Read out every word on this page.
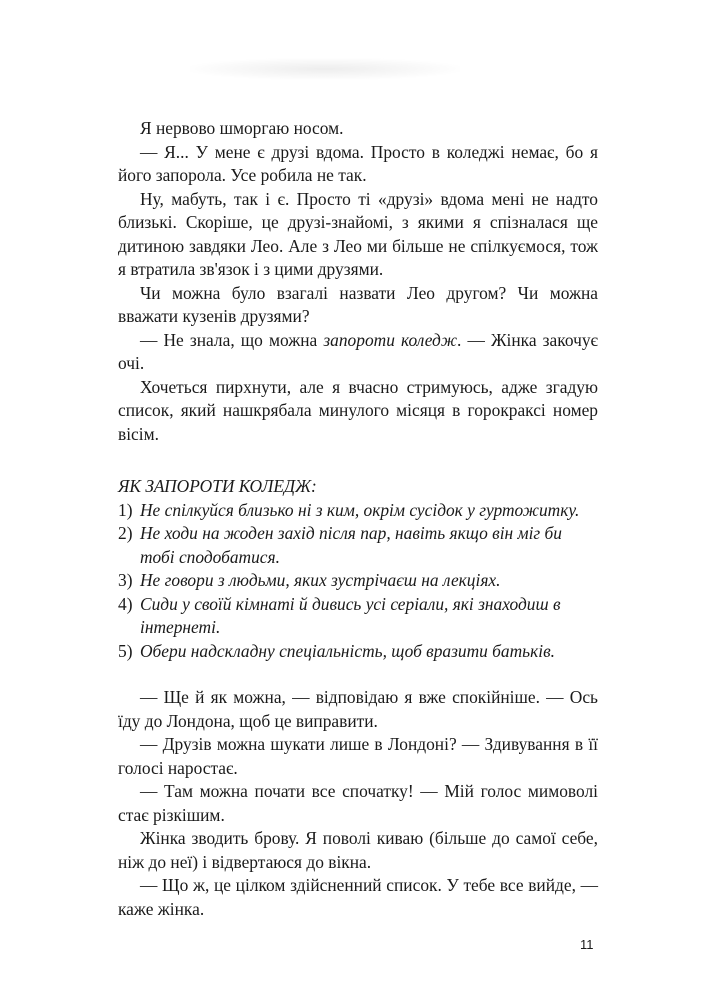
Я нервово шморгаю носом.

— Я... У мене є друзі вдома. Просто в коледжі немає, бо я його запорола. Усе робила не так.

Ну, мабуть, так і є. Просто ті «друзі» вдома мені не надто близькі. Скоріше, це друзі-знайомі, з якими я спізналася ще дитиною завдяки Лео. Але з Лео ми більше не спілкуємося, тож я втратила зв'язок і з цими друзями.

Чи можна було взагалі назвати Лео другом? Чи можна вважати кузенів друзями?

— Не знала, що можна запороти коледж. — Жінка закочує очі.

Хочеться пирхнути, але я вчасно стримуюсь, адже згадую список, який нашкрябала минулого місяця в горокраксі номер вісім.

ЯК ЗАПОРОТИ КОЛЕДЖ:

1) Не спілкуйся близько ні з ким, окрім сусідок у гуртожитку.
2) Не ходи на жоден захід після пар, навіть якщо він міг би тобі сподобатися.
3) Не говори з людьми, яких зустрічаєш на лекціях.
4) Сиди у своїй кімнаті й дивись усі серіали, які знаходиш в інтернеті.
5) Обери надскладну спеціальність, щоб вразити батьків.

— Ще й як можна, — відповідаю я вже спокійніше. — Ось їду до Лондона, щоб це виправити.

— Друзів можна шукати лише в Лондоні? — Здивування в її голосі наростає.

— Там можна почати все спочатку! — Мій голос мимоволі стає різкішим.

Жінка зводить брову. Я поволі киваю (більше до самої себе, ніж до неї) і відвертаюся до вікна.

— Що ж, це цілком здійсненний список. У тебе все вийде, — каже жінка.

11
